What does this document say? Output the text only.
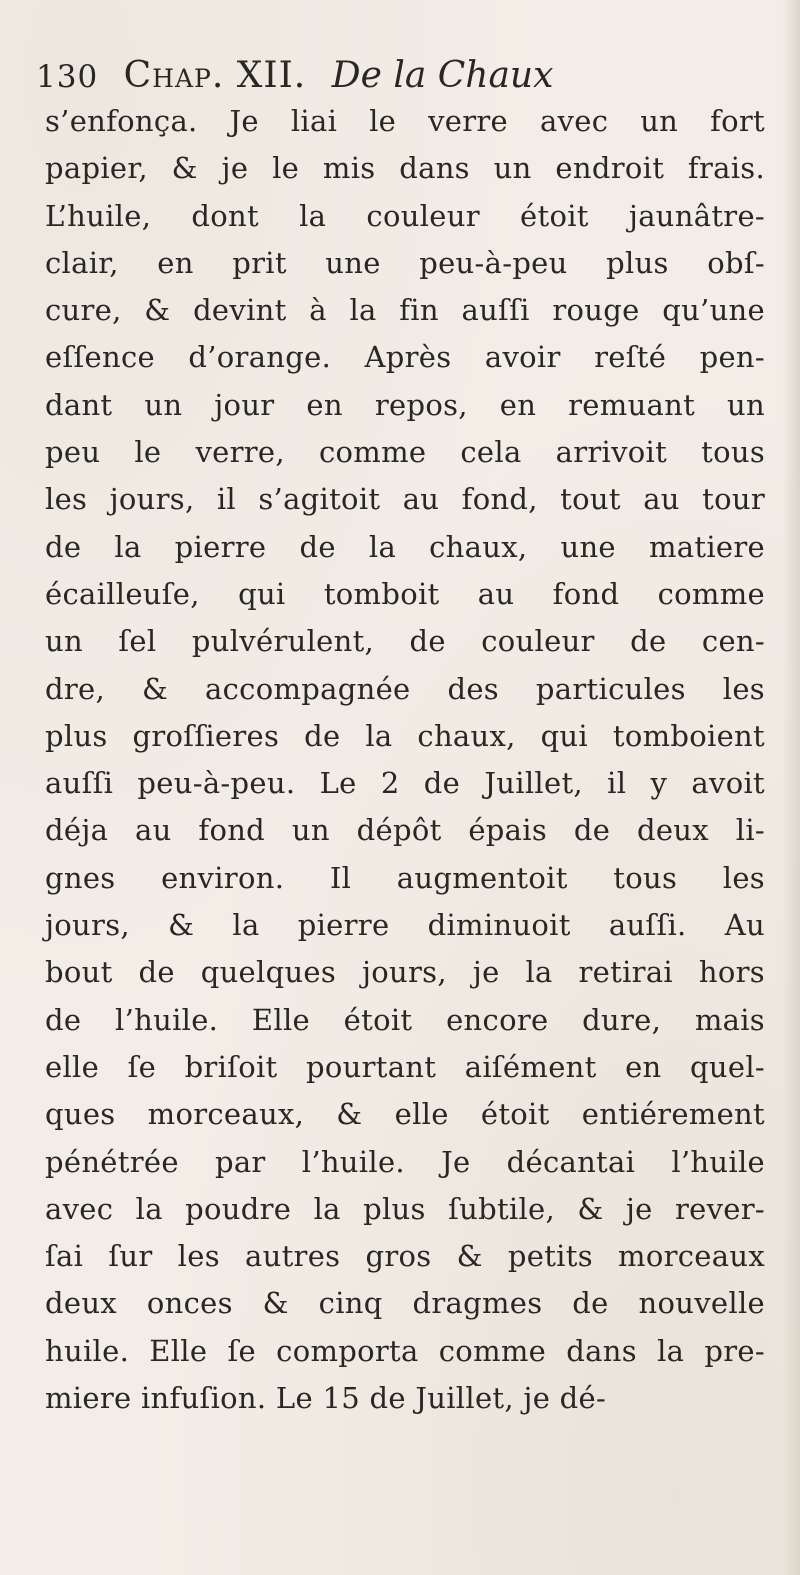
130 Chap. XII. De la Chaux
s’enfonça. Je liai le verre avec un fort
papier, & je le mis dans un endroit frais.
L’huile, dont la couleur étoit jaunâtre-
clair, en prit une peu-à-peu plus obſ-
cure, & devint à la fin auſſi rouge qu’une
eſſence d’orange. Après avoir reſté pen-
dant un jour en repos, en remuant un
peu le verre, comme cela arrivoit tous
les jours, il s’agitoit au fond, tout au tour
de la pierre de la chaux, une matiere
écailleuſe, qui tomboit au fond comme
un ſel pulvérulent, de couleur de cen-
dre, & accompagnée des particules les
plus groſſieres de la chaux, qui tomboient
auſſi peu-à-peu. Le 2 de Juillet, il y avoit
déja au fond un dépôt épais de deux li-
gnes environ. Il augmentoit tous les
jours, & la pierre diminuoit auſſi. Au
bout de quelques jours, je la retirai hors
de l’huile. Elle étoit encore dure, mais
elle ſe briſoit pourtant aiſément en quel-
ques morceaux, & elle étoit entiérement
pénétrée par l’huile. Je décantai l’huile
avec la poudre la plus ſubtile, & je rever-
ſai ſur les autres gros & petits morceaux
deux onces & cinq dragmes de nouvelle
huile. Elle ſe comporta comme dans la pre-
miere infuſion. Le 15 de Juillet, je dé-
